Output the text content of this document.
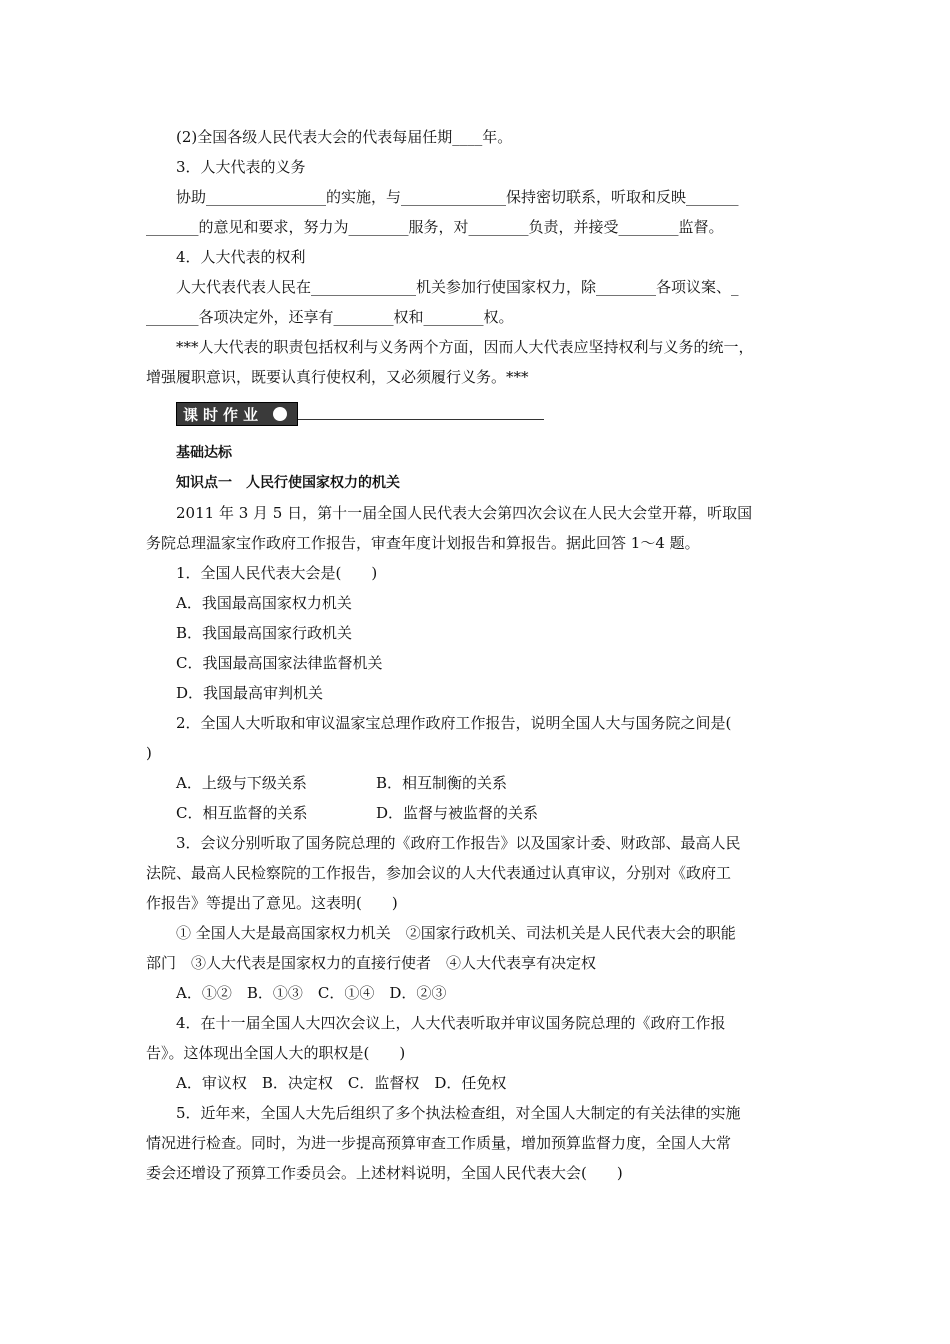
(2)全国各级人民代表大会的代表每届任期____年。

3．人大代表的义务

协助________________的实施，与______________保持密切联系，听取和反映_______

_______的意见和要求，努力为________服务，对________负责，并接受________监督。

4．人大代表的权利

人大代表代表人民在______________机关参加行使国家权力，除________各项议案、_

_______各项决定外，还享有________权和________权。

***人大代表的职责包括权利与义务两个方面，因而人大代表应坚持权利与义务的统一，

增强履职意识，既要认真行使权利，又必须履行义务。***

课时作业

基础达标

知识点一　人民行使国家权力的机关

2011 年 3 月 5 日，第十一届全国人民代表大会第四次会议在人民大会堂开幕，听取国

务院总理温家宝作政府工作报告，审查年度计划报告和算报告。据此回答 1～4 题。

1．全国人民代表大会是(　　)

A．我国最高国家权力机关

B．我国最高国家行政机关

C．我国最高国家法律监督机关

D．我国最高审判机关

2．全国人大听取和审议温家宝总理作政府工作报告，说明全国人大与国务院之间是(

)

A．上级与下级关系	B．相互制衡的关系

C．相互监督的关系	D．监督与被监督的关系

3．会议分别听取了国务院总理的《政府工作报告》以及国家计委、财政部、最高人民

法院、最高人民检察院的工作报告，参加会议的人大代表通过认真审议，分别对《政府工

作报告》等提出了意见。这表明(　　)

① 全国人大是最高国家权力机关　②国家行政机关、司法机关是人民代表大会的职能

部门　③人大代表是国家权力的直接行使者　④人大代表享有决定权

A．①②　B．①③　C．①④　D．②③

4．在十一届全国人大四次会议上，人大代表听取并审议国务院总理的《政府工作报

告》。这体现出全国人大的职权是(　　)

A．审议权　B．决定权　C．监督权　D．任免权

5．近年来，全国人大先后组织了多个执法检查组，对全国人大制定的有关法律的实施

情况进行检查。同时，为进一步提高预算审查工作质量，增加预算监督力度，全国人大常

委会还增设了预算工作委员会。上述材料说明，全国人民代表大会(　　)
